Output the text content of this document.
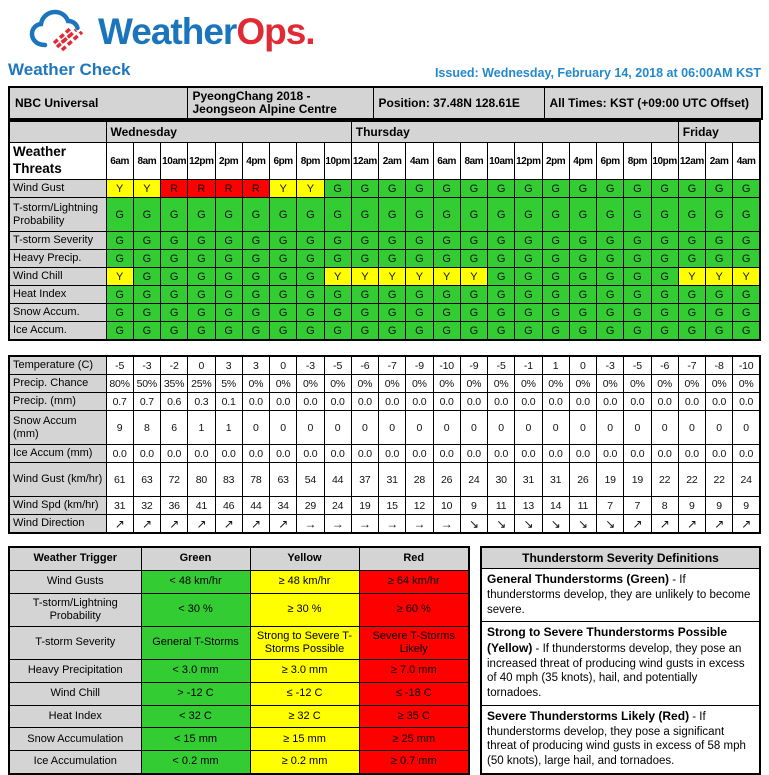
WeatherOps.
Weather Check	Issued: Wednesday, February 14, 2018 at 06:00AM KST
NBC Universal	PyeongChang 2018 - Jeongseon Alpine Centre	Position: 37.48N 128.61E	All Times: KST (+09:00 UTC Offset)
	Wednesday									Thursday												Friday		
Weather Threats	6am	8am	10am	12pm	2pm	4pm	6pm	8pm	10pm	12am	2am	4am	6am	8am	10am	12pm	2pm	4pm	6pm	8pm	10pm	12am	2am	4am
Wind Gust	Y	Y	R	R	R	R	Y	Y	G	G	G	G	G	G	G	G	G	G	G	G	G	G	G	G
T-storm/Lightning Probability	G	G	G	G	G	G	G	G	G	G	G	G	G	G	G	G	G	G	G	G	G	G	G	G
T-storm Severity	G	G	G	G	G	G	G	G	G	G	G	G	G	G	G	G	G	G	G	G	G	G	G	G
Heavy Precip.	G	G	G	G	G	G	G	G	G	G	G	G	G	G	G	G	G	G	G	G	G	G	G	G
Wind Chill	Y	G	G	G	G	G	G	G	Y	Y	Y	Y	Y	Y	G	G	G	G	G	G	G	Y	Y	Y
Heat Index	G	G	G	G	G	G	G	G	G	G	G	G	G	G	G	G	G	G	G	G	G	G	G	G
Snow Accum.	G	G	G	G	G	G	G	G	G	G	G	G	G	G	G	G	G	G	G	G	G	G	G	G
Ice Accum.	G	G	G	G	G	G	G	G	G	G	G	G	G	G	G	G	G	G	G	G	G	G	G	G
Temperature (C)	-5	-3	-2	0	3	3	0	-3	-5	-6	-7	-9	-10	-9	-5	-1	1	0	-3	-5	-6	-7	-8	-10
Precip. Chance	80%	50%	35%	25%	5%	0%	0%	0%	0%	0%	0%	0%	0%	0%	0%	0%	0%	0%	0%	0%	0%	0%	0%	0%
Precip. (mm)	0.7	0.7	0.6	0.3	0.1	0.0	0.0	0.0	0.0	0.0	0.0	0.0	0.0	0.0	0.0	0.0	0.0	0.0	0.0	0.0	0.0	0.0	0.0	0.0
Snow Accum (mm)	9	8	6	1	1	0	0	0	0	0	0	0	0	0	0	0	0	0	0	0	0	0	0	0
Ice Accum (mm)	0.0	0.0	0.0	0.0	0.0	0.0	0.0	0.0	0.0	0.0	0.0	0.0	0.0	0.0	0.0	0.0	0.0	0.0	0.0	0.0	0.0	0.0	0.0	0.0
Wind Gust (km/hr)	61	63	72	80	83	78	63	54	44	37	31	28	26	24	30	31	31	26	19	19	22	22	22	24
Wind Spd (km/hr)	31	32	36	41	46	44	34	29	24	19	15	12	10	9	11	13	14	11	7	7	8	9	9	9
Wind Direction	↗	↗	↗	↗	↗	↗	↗	→	→	→	→	→	→	↘	↘	↘	↘	↘	↘	↗	↗	↗	↗	↗
Weather Trigger	Green	Yellow	Red
Wind Gusts	< 48 km/hr	≥ 48 km/hr	≥ 64 km/hr
T-storm/Lightning Probability	< 30 %	≥ 30 %	≥ 60 %
T-storm Severity	General T-Storms	Strong to Severe T-Storms Possible	Severe T-Storms Likely
Heavy Precipitation	< 3.0 mm	≥ 3.0 mm	≥ 7.0 mm
Wind Chill	> -12 C	≤ -12 C	≤ -18 C
Heat Index	< 32 C	≥ 32 C	≥ 35 C
Snow Accumulation	< 15 mm	≥ 15 mm	≥ 25 mm
Ice Accumulation	< 0.2 mm	≥ 0.2 mm	≥ 0.7 mm
Thunderstorm Severity Definitions
General Thunderstorms (Green) - If thunderstorms develop, they are unlikely to become severe.
Strong to Severe Thunderstorms Possible (Yellow) - If thunderstorms develop, they pose an increased threat of producing wind gusts in excess of 40 mph (35 knots), hail, and potentially tornadoes.
Severe Thunderstorms Likely (Red) - If thunderstorms develop, they pose a significant threat of producing wind gusts in excess of 58 mph (50 knots), large hail, and tornadoes.
